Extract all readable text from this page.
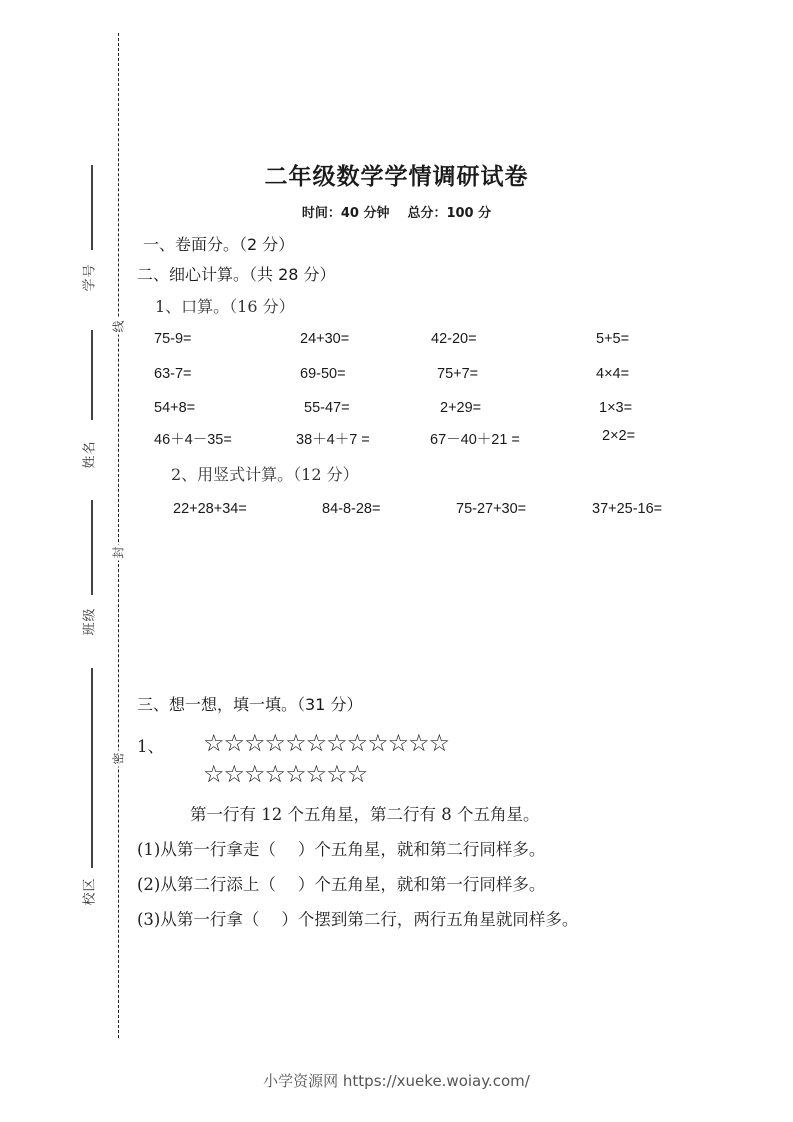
学号
姓名
班级
校区
线
封
密
二年级数学学情调研试卷
时间：40 分钟 总分：100 分
一、卷面分。（2 分）
二、细心计算。（共 28 分）
1、口算。（16 分）
75-9=	24+30=	42-20=	5+5=
63-7=	69-50=	75+7=	4×4=
54+8=	55-47=	2+29=	1×3=
46＋4－35=	38＋4＋7 =	67－40＋21 =	2×2=
2、用竖式计算。（12 分）
22+28+34=	84-8-28=	75-27+30=	37+25-16=
三、想一想，填一填。（31 分）
1、 ☆☆☆☆☆☆☆☆☆☆☆☆
☆☆☆☆☆☆☆☆
第一行有 12 个五角星，第二行有 8 个五角星。
(1)从第一行拿走（ ）个五角星，就和第二行同样多。
(2)从第二行添上（ ）个五角星，就和第一行同样多。
(3)从第一行拿（ ）个摆到第二行，两行五角星就同样多。
小学资源网 https://xueke.woiay.com/
